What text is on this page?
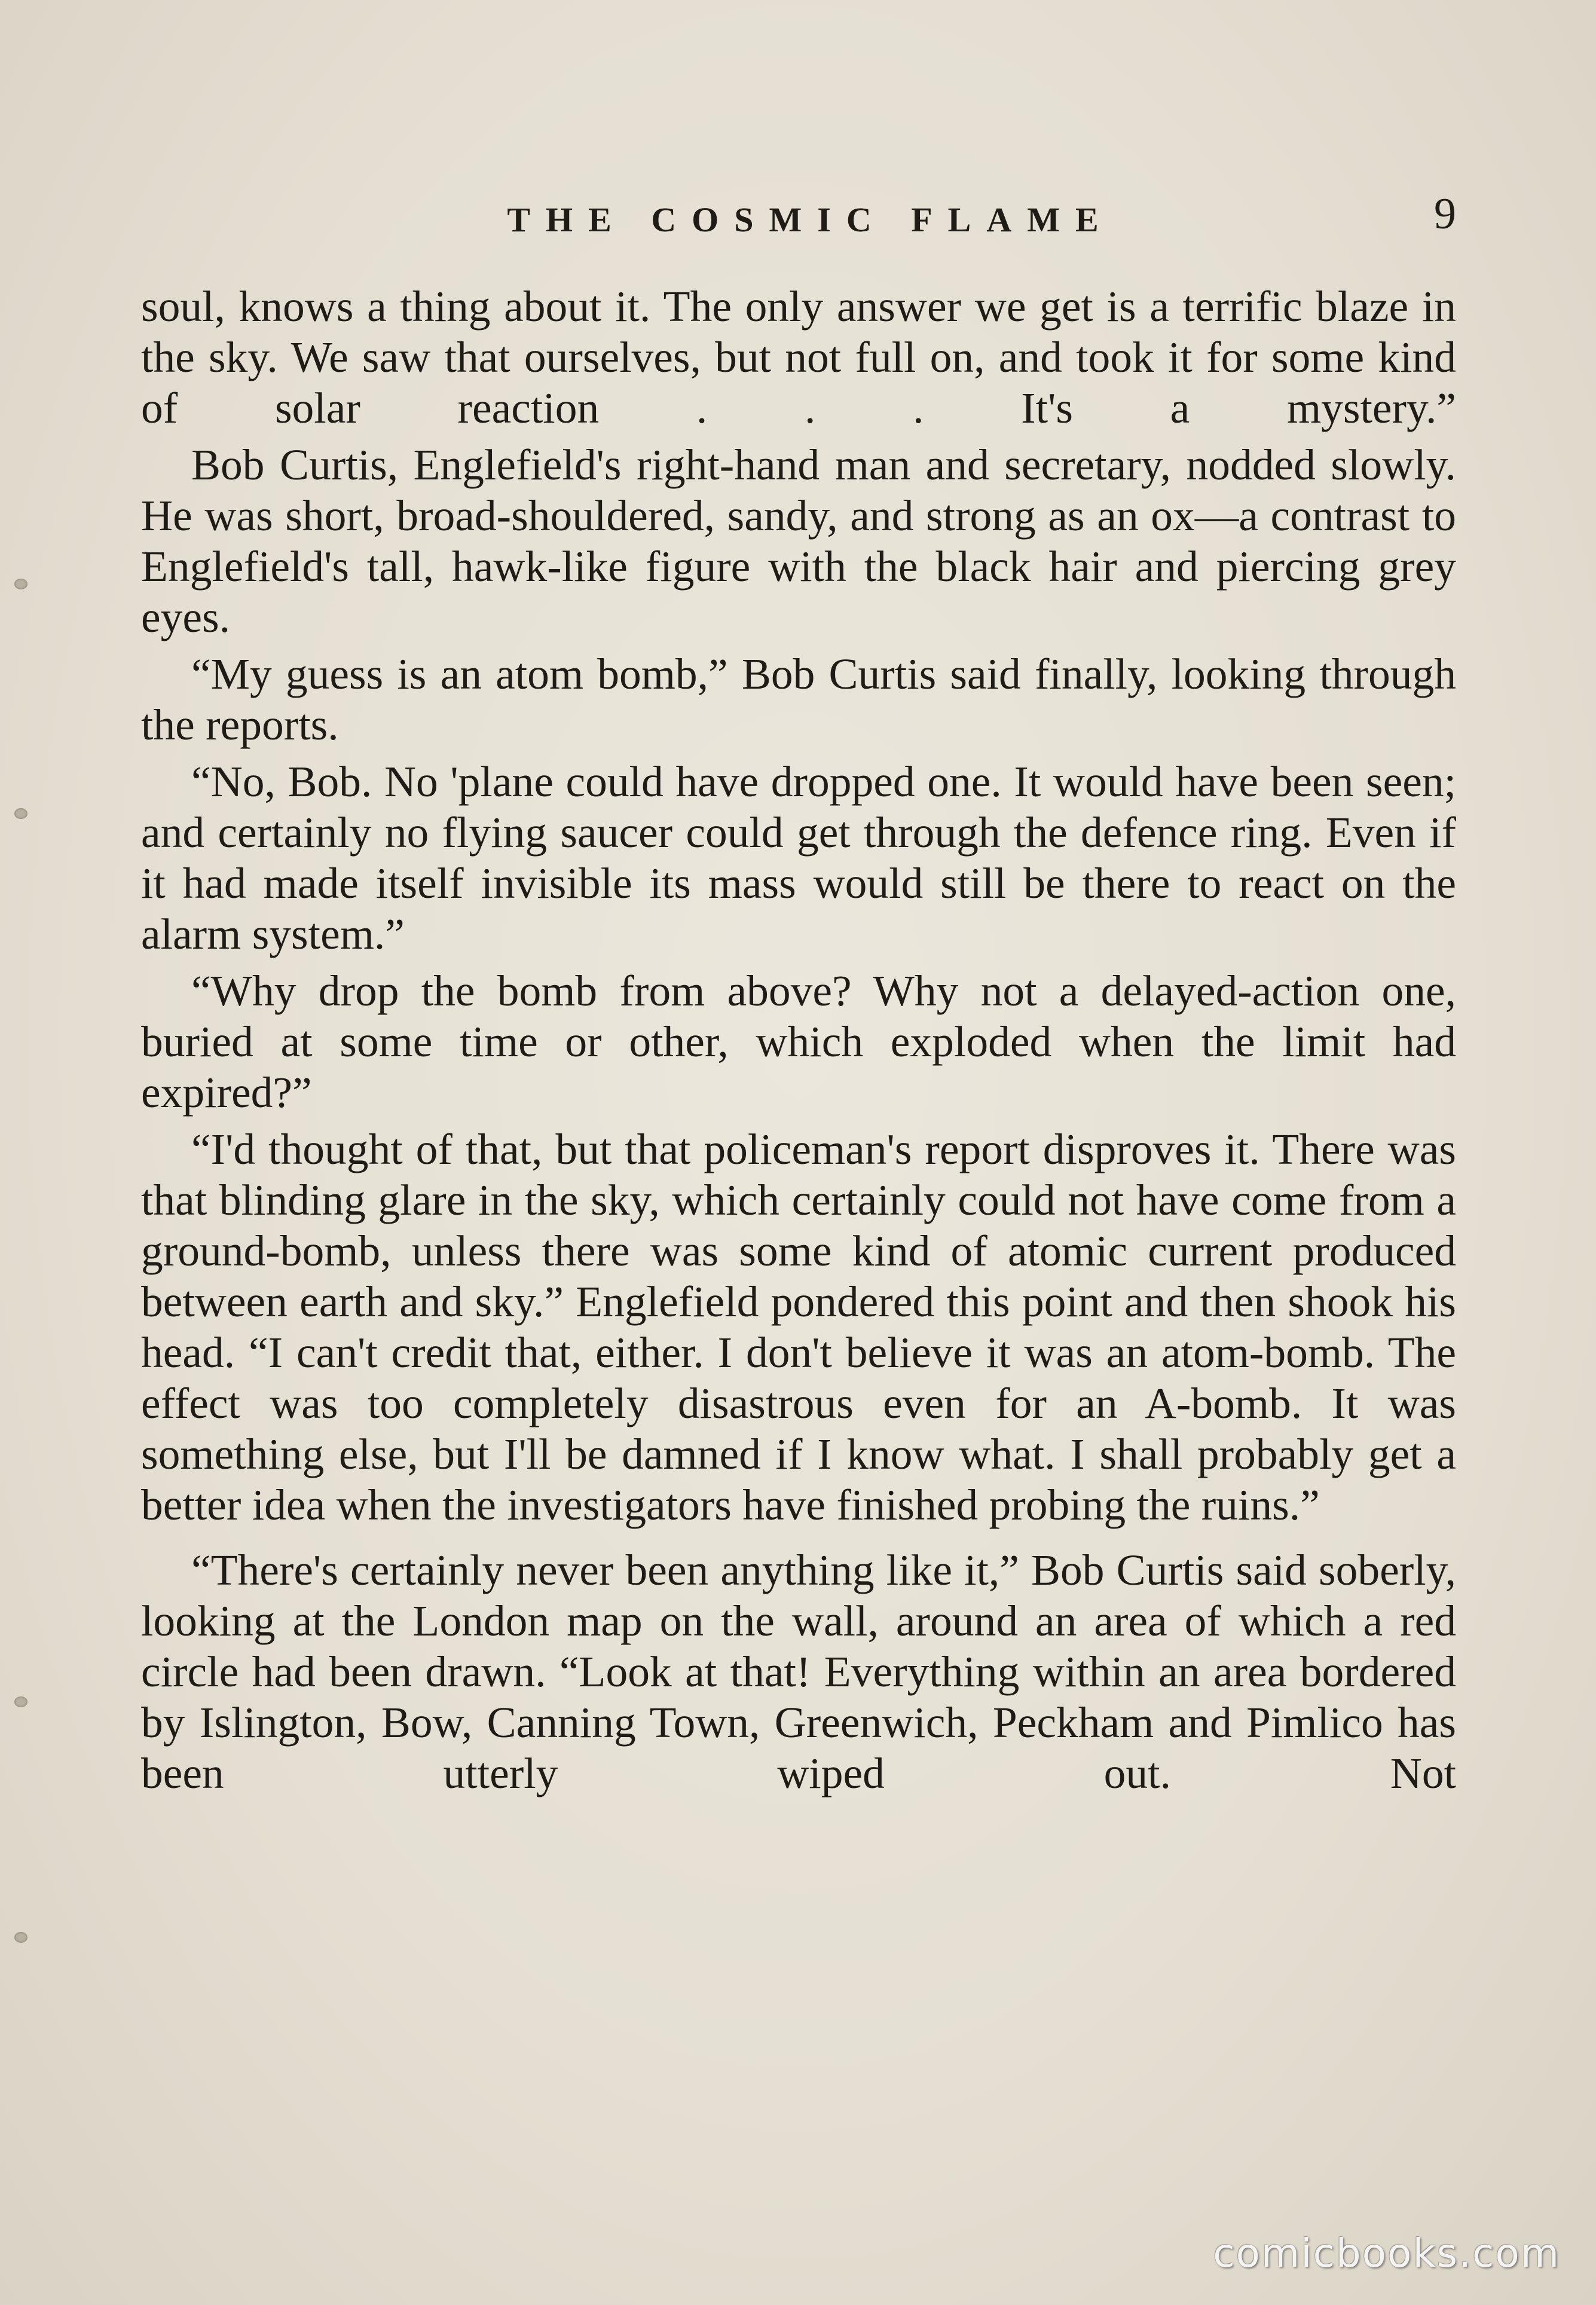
THE COSMIC FLAME	9

soul, knows a thing about it. The only answer we get is a terrific blaze in the sky. We saw that ourselves, but not full on, and took it for some kind of solar reaction . . . It's a mystery.”

Bob Curtis, Englefield's right-hand man and secretary, nodded slowly. He was short, broad-shouldered, sandy, and strong as an ox—a contrast to Englefield's tall, hawk-like figure with the black hair and piercing grey eyes.

“My guess is an atom bomb,” Bob Curtis said finally, looking through the reports.

“No, Bob. No 'plane could have dropped one. It would have been seen; and certainly no flying saucer could get through the defence ring. Even if it had made itself invisible its mass would still be there to react on the alarm system.”

“Why drop the bomb from above? Why not a delayed-action one, buried at some time or other, which exploded when the limit had expired?”

“I'd thought of that, but that policeman's report disproves it. There was that blinding glare in the sky, which certainly could not have come from a ground-bomb, unless there was some kind of atomic current produced between earth and sky.” Englefield pondered this point and then shook his head. “I can't credit that, either. I don't believe it was an atom-bomb. The effect was too completely disastrous even for an A-bomb. It was something else, but I'll be damned if I know what. I shall probably get a better idea when the investigators have finished probing the ruins.”

“There's certainly never been anything like it,” Bob Curtis said soberly, looking at the London map on the wall, around an area of which a red circle had been drawn. “Look at that! Everything within an area bordered by Islington, Bow, Canning Town, Greenwich, Peckham and Pimlico has been utterly wiped out. Not

comicbooks.com
